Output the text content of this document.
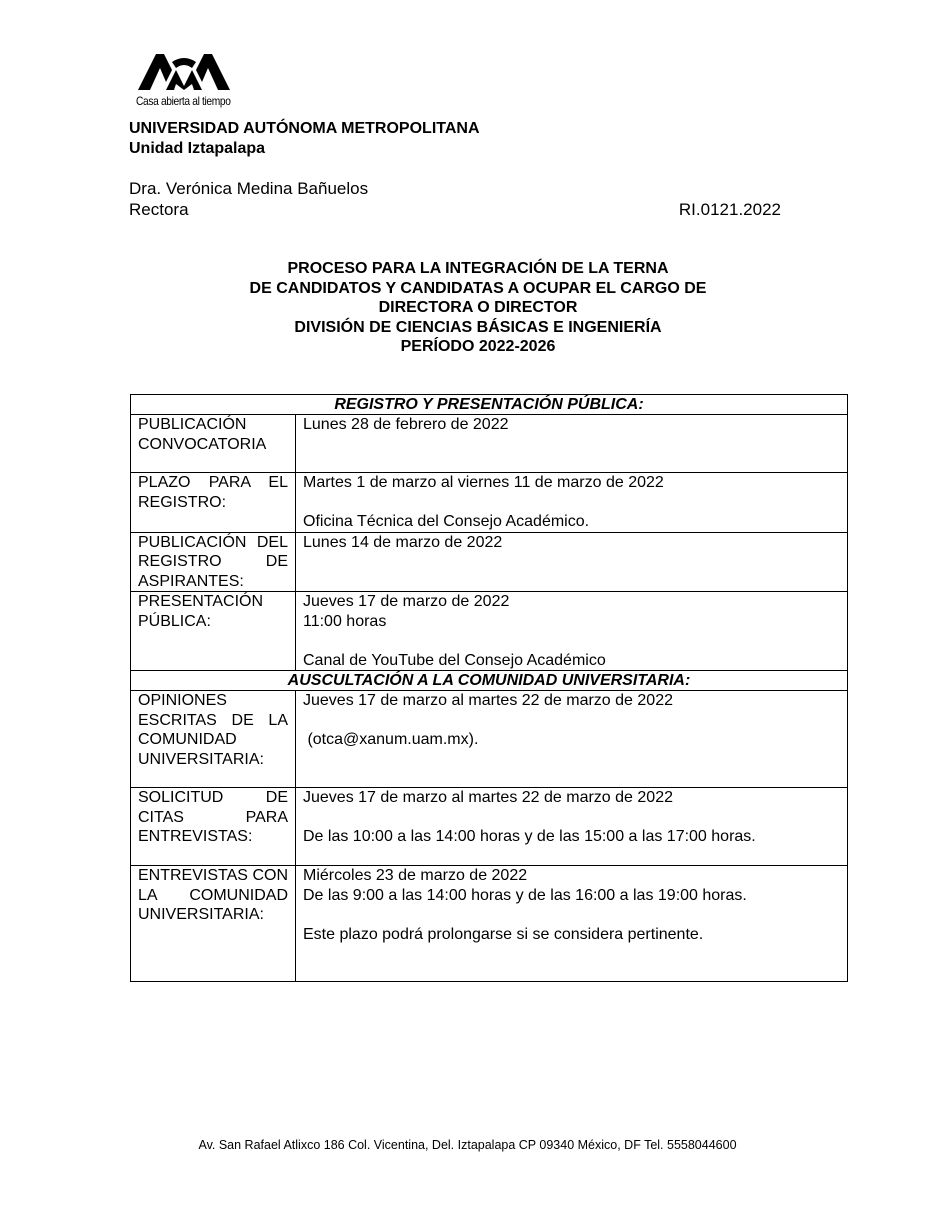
Casa abierta al tiempo
UNIVERSIDAD AUTÓNOMA METROPOLITANA
Unidad Iztapalapa
Dra. Verónica Medina Bañuelos
Rectora	RI.0121.2022
PROCESO PARA LA INTEGRACIÓN DE LA TERNA
DE CANDIDATOS Y CANDIDATAS A OCUPAR EL CARGO DE
DIRECTORA O DIRECTOR
DIVISIÓN DE CIENCIAS BÁSICAS E INGENIERÍA
PERÍODO 2022-2026
REGISTRO Y PRESENTACIÓN PÚBLICA:	
PUBLICACIÓN CONVOCATORIA	Lunes 28 de febrero de 2022

PLAZO PARA EL REGISTRO:	Martes 1 de marzo al viernes 11 de marzo de 2022
Oficina Técnica del Consejo Académico.

PUBLICACIÓN DEL REGISTRO DE ASPIRANTES:	Lunes 14 de marzo de 2022

PRESENTACIÓN PÚBLICA:	Jueves 17 de marzo de 2022
11:00 horas
Canal de YouTube del Consejo Académico

AUSCULTACIÓN A LA COMUNIDAD UNIVERSITARIA:	
OPINIONES ESCRITAS DE LA COMUNIDAD UNIVERSITARIA:	Jueves 17 de marzo al martes 22 de marzo de 2022
(otca@xanum.uam.mx).

SOLICITUD DE CITAS PARA ENTREVISTAS:	Jueves 17 de marzo al martes 22 de marzo de 2022
De las 10:00 a las 14:00 horas y de las 15:00 a las 17:00 horas.

ENTREVISTAS CON LA COMUNIDAD UNIVERSITARIA:	Miércoles 23 de marzo de 2022
De las 9:00 a las 14:00 horas y de las 16:00 a las 19:00 horas.
Este plazo podrá prolongarse si se considera pertinente.
Av. San Rafael Atlixco 186 Col. Vicentina, Del. Iztapalapa CP 09340 México, DF Tel. 5558044600
